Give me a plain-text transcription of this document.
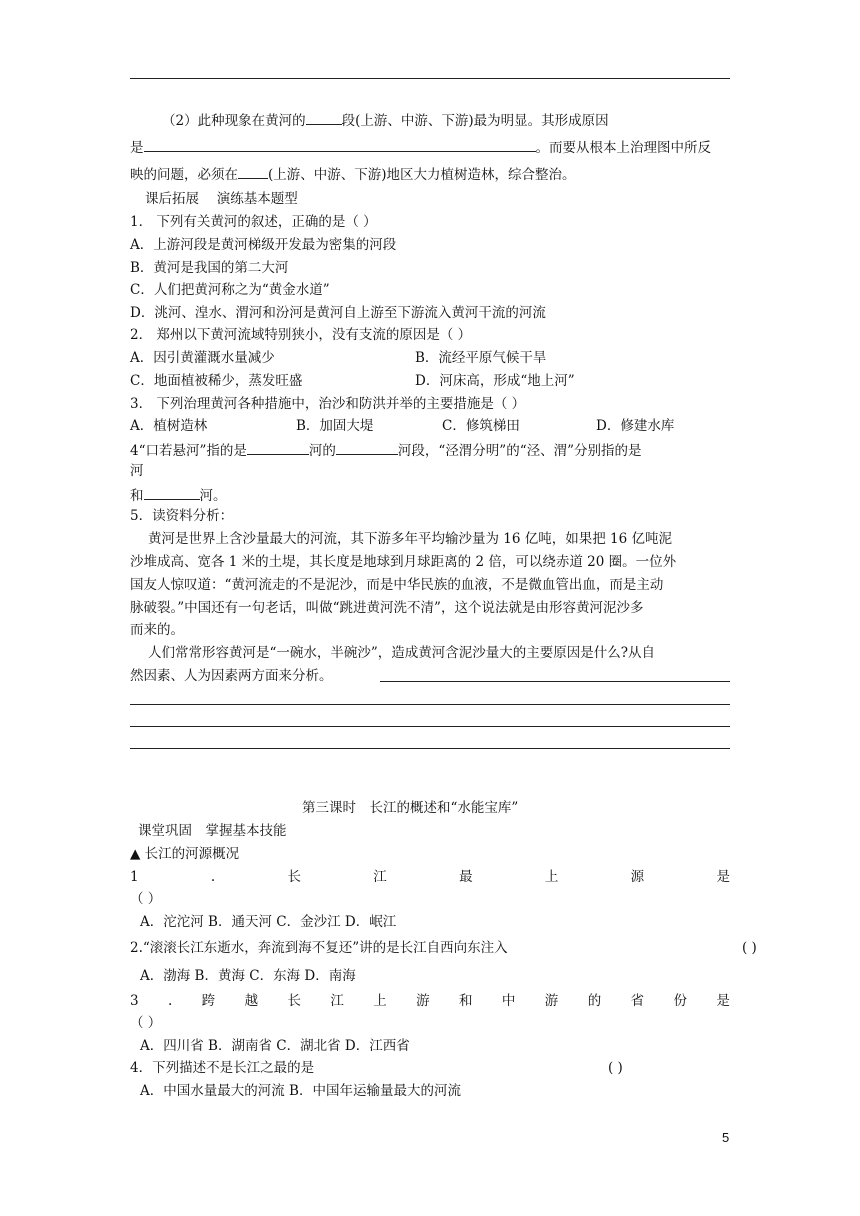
（2）此种现象在黄河的	段(上游、中游、下游)最为明显。其形成原因
是	。而要从根本上治理图中所反
映的问题，必须在 (上游、中游、下游)地区大力植树造林，综合整治。
课后拓展　 演练基本题型
1． 下列有关黄河的叙述，正确的是（ ）
A．上游河段是黄河梯级开发最为密集的河段
B．黄河是我国的第二大河
C．人们把黄河称之为“黄金水道”
D．洮河、湟水、渭河和汾河是黄河自上游至下游流入黄河干流的河流
2． 郑州以下黄河流域特别狭小，没有支流的原因是（ ）
A．因引黄灌溉水量减少	B．流经平原气候干旱
C．地面植被稀少，蒸发旺盛	D．河床高，形成“地上河”
3． 下列治理黄河各种措施中，治沙和防洪并举的主要措施是（ ）
A．植树造林	B．加固大堤	C．修筑梯田	D．修建水库
4“口若悬河”指的是	河的	河段，“泾渭分明”的“泾、渭”分别指的是
河
和	河。
5．读资料分析：
黄河是世界上含沙量最大的河流，其下游多年平均输沙量为 16 亿吨，如果把 16 亿吨泥
沙堆成高、宽各 1 米的土堤，其长度是地球到月球距离的 2 倍，可以绕赤道 20 圈。一位外
国友人惊叹道：“黄河流走的不是泥沙，而是中华民族的血液，不是微血管出血，而是主动
脉破裂。”中国还有一句老话，叫做“跳进黄河洗不清”，这个说法就是由形容黄河泥沙多
而来的。
人们常常形容黄河是“一碗水，半碗沙”，造成黄河含泥沙量大的主要原因是什么?从自
然因素、人为因素两方面来分析。
第三课时　长江的概述和“水能宝库”
课堂巩固　掌握基本技能
▲ 长江的河源概况
1	.	长	江	最	上	源	是
（ ）
A．沱沱河 B．通天河 C．金沙江 D．岷江
2.“滚滚长江东逝水，奔流到海不复还”讲的是长江自西向东注入	( )
A．渤海 B．黄海 C．东海 D．南海
3 . 跨 越 长 江 上 游 和 中 游 的 省 份 是
（ ）
A．四川省 B．湖南省 C．湖北省 D．江西省
4．下列描述不是长江之最的是	( )
A．中国水量最大的河流 B．中国年运输量最大的河流
5
